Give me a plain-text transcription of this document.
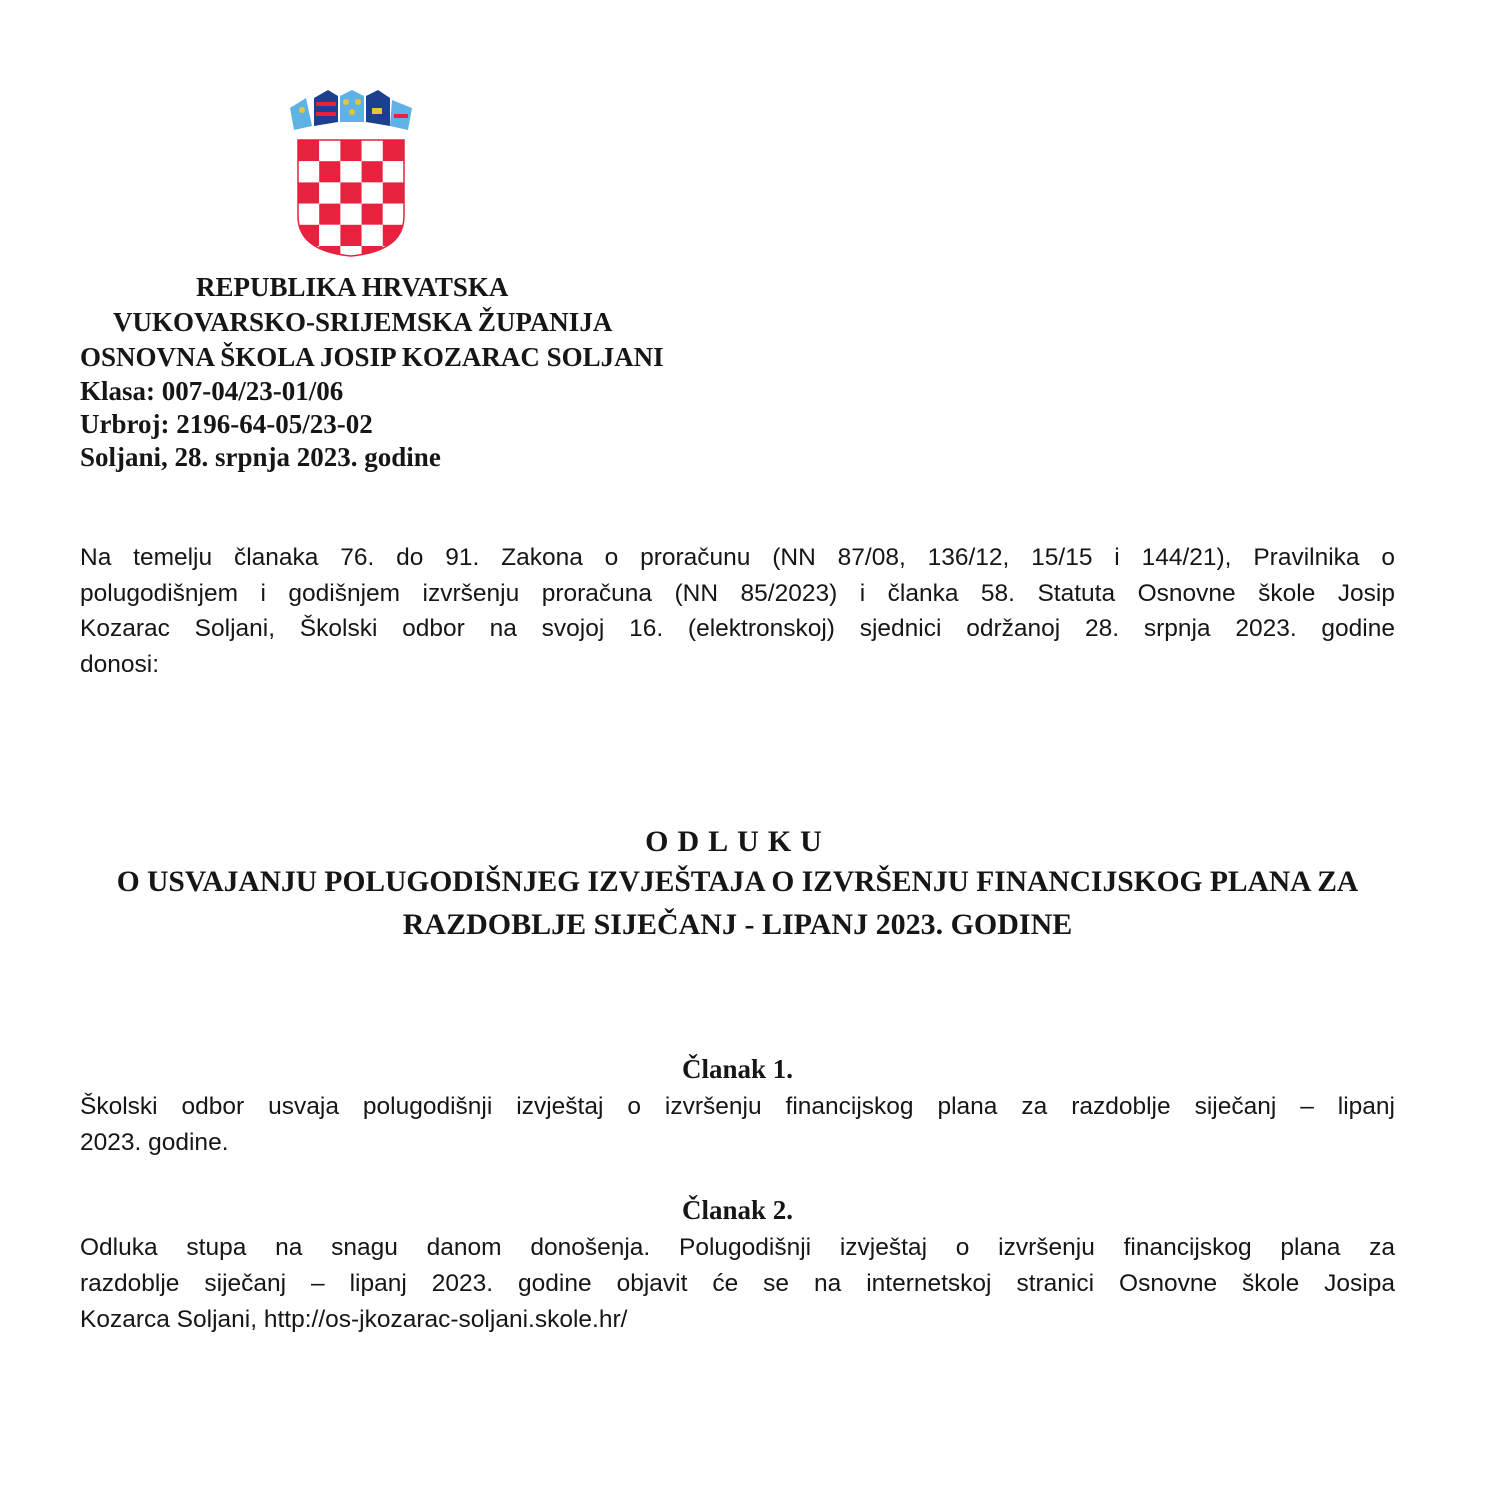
REPUBLIKA HRVATSKA
VUKOVARSKO-SRIJEMSKA ŽUPANIJA
OSNOVNA ŠKOLA JOSIP KOZARAC SOLJANI
Klasa: 007-04/23-01/06
Urbroj: 2196-64-05/23-02
Soljani, 28. srpnja 2023. godine
Na temelju članaka 76. do 91. Zakona o proračunu (NN 87/08, 136/12, 15/15 i 144/21), Pravilnika o
polugodišnjem i godišnjem izvršenju proračuna (NN 85/2023) i članka 58. Statuta Osnovne škole Josip
Kozarac Soljani, Školski odbor na svojoj 16. (elektronskoj) sjednici održanoj 28. srpnja 2023. godine
donosi:
ODLUKU
O USVAJANJU POLUGODIŠNJEG IZVJEŠTAJA O IZVRŠENJU FINANCIJSKOG PLANA ZA
RAZDOBLJE SIJEČANJ - LIPANJ 2023. GODINE
Članak 1.
Školski odbor usvaja polugodišnji izvještaj o izvršenju financijskog plana za razdoblje siječanj – lipanj
2023. godine.
Članak 2.
Odluka stupa na snagu danom donošenja. Polugodišnji izvještaj o izvršenju financijskog plana za
razdoblje siječanj – lipanj 2023. godine objavit će se na internetskoj stranici Osnovne škole Josipa
Kozarca Soljani, http://os-jkozarac-soljani.skole.hr/
